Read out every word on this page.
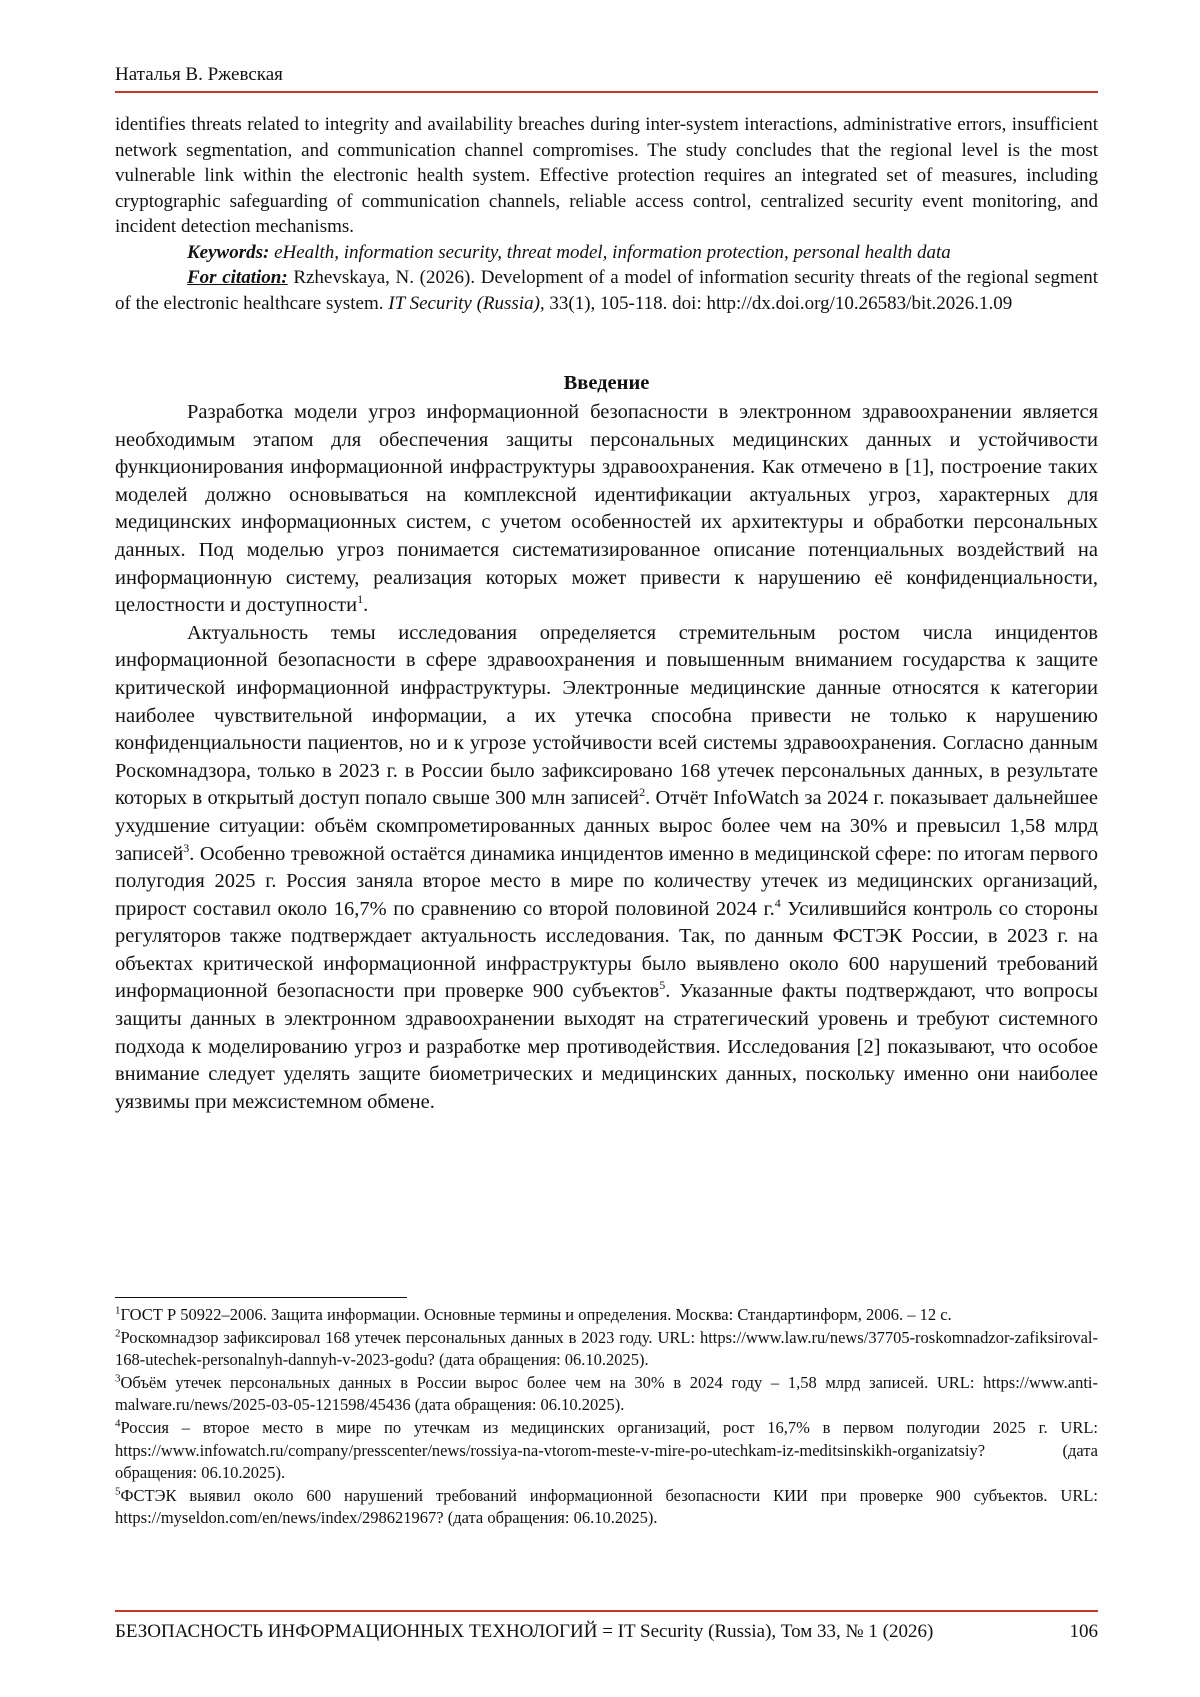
Наталья В. Ржевская

identifies threats related to integrity and availability breaches during inter-system interactions, administrative errors, insufficient network segmentation, and communication channel compromises. The study concludes that the regional level is the most vulnerable link within the electronic health system. Effective protection requires an integrated set of measures, including cryptographic safeguarding of communication channels, reliable access control, centralized security event monitoring, and incident detection mechanisms.

Keywords: eHealth, information security, threat model, information protection, personal health data

For citation: Rzhevskaya, N. (2026). Development of a model of information security threats of the regional segment of the electronic healthcare system. IT Security (Russia), 33(1), 105-118. doi: http://dx.doi.org/10.26583/bit.2026.1.09

Введение

Разработка модели угроз информационной безопасности в электронном здравоохранении является необходимым этапом для обеспечения защиты персональных медицинских данных и устойчивости функционирования информационной инфраструктуры здравоохранения. Как отмечено в [1], построение таких моделей должно основываться на комплексной идентификации актуальных угроз, характерных для медицинских информационных систем, с учетом особенностей их архитектуры и обработки персональных данных. Под моделью угроз понимается систематизированное описание потенциальных воздействий на информационную систему, реализация которых может привести к нарушению её конфиденциальности, целостности и доступности$^1$.

Актуальность темы исследования определяется стремительным ростом числа инцидентов информационной безопасности в сфере здравоохранения и повышенным вниманием государства к защите критической информационной инфраструктуры. Электронные медицинские данные относятся к категории наиболее чувствительной информации, а их утечка способна привести не только к нарушению конфиденциальности пациентов, но и к угрозе устойчивости всей системы здравоохранения. Согласно данным Роскомнадзора, только в 2023 г. в России было зафиксировано 168 утечек персональных данных, в результате которых в открытый доступ попало свыше 300 млн записей$^2$. Отчёт InfoWatch за 2024 г. показывает дальнейшее ухудшение ситуации: объём скомпрометированных данных вырос более чем на 30% и превысил 1,58 млрд записей$^3$. Особенно тревожной остаётся динамика инцидентов именно в медицинской сфере: по итогам первого полугодия 2025 г. Россия заняла второе место в мире по количеству утечек из медицинских организаций, прирост составил около 16,7% по сравнению со второй половиной 2024 г.$^4$ Усилившийся контроль со стороны регуляторов также подтверждает актуальность исследования. Так, по данным ФСТЭК России, в 2023 г. на объектах критической информационной инфраструктуры было выявлено около 600 нарушений требований информационной безопасности при проверке 900 субъектов$^5$. Указанные факты подтверждают, что вопросы защиты данных в электронном здравоохранении выходят на стратегический уровень и требуют системного подхода к моделированию угроз и разработке мер противодействия. Исследования [2] показывают, что особое внимание следует уделять защите биометрических и медицинских данных, поскольку именно они наиболее уязвимы при межсистемном обмене.

$^1$ГОСТ Р 50922–2006. Защита информации. Основные термины и определения. Москва: Стандартинформ, 2006. – 12 с.

$^2$Роскомнадзор зафиксировал 168 утечек персональных данных в 2023 году. URL: https://www.law.ru/news/37705-roskomnadzor-zafiksiroval-168-utechek-personalnyh-dannyh-v-2023-godu? (дата обращения: 06.10.2025).

$^3$Объём утечек персональных данных в России вырос более чем на 30% в 2024 году – 1,58 млрд записей. URL: https://www.anti-malware.ru/news/2025-03-05-121598/45436 (дата обращения: 06.10.2025).

$^4$Россия – второе место в мире по утечкам из медицинских организаций, рост 16,7% в первом полугодии 2025 г. URL: https://www.infowatch.ru/company/presscenter/news/rossiya-na-vtorom-meste-v-mire-po-utechkam-iz-meditsinskikh-organizatsiy? (дата обращения: 06.10.2025).

$^5$ФСТЭК выявил около 600 нарушений требований информационной безопасности КИИ при проверке 900 субъектов. URL: https://myseldon.com/en/news/index/298621967? (дата обращения: 06.10.2025).

БЕЗОПАСНОСТЬ ИНФОРМАЦИОННЫХ ТЕХНОЛОГИЙ = IT Security (Russia), Том 33, № 1 (2026)	106
